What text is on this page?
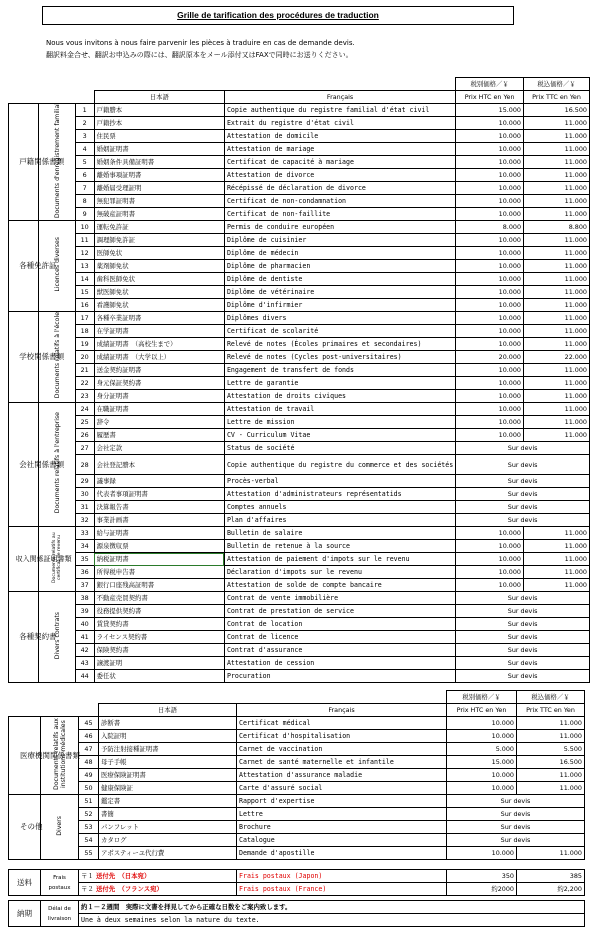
Grille de tarification des procédures de traduction
Nous vous invitons à nous faire parvenir les pièces à traduire en cas de demande devis.
翻訳料金合せ、翻訳お申込みの際には、翻訳原本をメール添付又はFAXで同時にお送りください。
					税別価格／￥	税込価格／￥
			日本語	Français	Prix HTC en Yen	Prix TTC en Yen
戸籍関係書類	Documents d'enregistrement familial	1	戸籍謄本	Copie authentique du registre familial d'état civil	15.000	16.500
		2	戸籍抄本	Extrait du registre d'état civil	10.000	11.000
		3	住民票	Attestation de domicile	10.000	11.000
		4	婚姻証明書	Attestation de mariage	10.000	11.000
		5	婚姻条件具備証明書	Certificat de capacité à mariage	10.000	11.000
		6	離婚事項証明書	Attestation de divorce	10.000	11.000
		7	離婚届受理証明	Récépissé de déclaration de divorce	10.000	11.000
		8	無犯罪証明書	Certificat de non-condamnation	10.000	11.000
		9	無破産証明書	Certificat de non-faillite	10.000	11.000
各種免許証	Licences diverses	10	運転免許証	Permis de conduire européen	8.000	8.800
		11	調理師免許証	Diplôme de cuisinier	10.000	11.000
		12	医師免状	Diplôme de médecin	10.000	11.000
		13	薬剤師免状	Diplôme de pharmacien	10.000	11.000
		14	歯科医師免状	Diplôme de dentiste	10.000	11.000
		15	獣医師免状	Diplôme de vétérinaire	10.000	11.000
		16	看護師免状	Diplôme d'infirmier	10.000	11.000
学校関係書類	Documents relatifs à l'école	17	各種卒業証明書	Diplômes divers	10.000	11.000
		18	在学証明書	Certificat de scolarité	10.000	11.000
		19	成績証明書　（高校生まで）	Relevé de notes (Écoles primaires et secondaires)	10.000	11.000
		20	成績証明書　（大学以上）	Relevé de notes (Cycles post-universitaires)	20.000	22.000
		21	送金契約証明書	Engagement de transfert de fonds	10.000	11.000
		22	身元保証契約書	Lettre de garantie	10.000	11.000
		23	身分証明書	Attestation de droits civiques	10.000	11.000
会社関係書類	Documents relatifs à l'entreprise	24	在職証明書	Attestation de travail	10.000	11.000
		25	辞令	Lettre de mission	10.000	11.000
		26	履歴書	CV - Curriculum Vitae	10.000	11.000
		27	会社定款	Status de société	Sur devis	
		28	会社登記謄本	Copie authentique du registre du commerce et des sociétés	Sur devis	
		29	議事録	Procès-verbal	Sur devis	
		30	代表者事項証明書	Attestation d'administrateurs représentatids	Sur devis	
		31	決算報告書	Comptes annuels	Sur devis	
		32	事業計画書	Plan d'affaires	Sur devis	
収入関係証明書類	Documents relatifs au certificat de revenu	33	給与証明書	Bulletin de salaire	10.000	11.000
		34	源泉徴収票	Bulletin de retenue à la source	10.000	11.000
		35	納税証明書	Attestation de paiement d'impots sur le revenu	10.000	11.000
		36	所得税申告書	Déclaration d'impots sur le revenu	10.000	11.000
		37	銀行口座残高証明書	Attestation de solde de compte bancaire	10.000	11.000
各種契約書	Divers contrats	38	不動産売買契約書	Contrat de vente immobilière	Sur devis	
		39	役務提供契約書	Contrat de prestation de service	Sur devis	
		40	賃貸契約書	Contrat de location	Sur devis	
		41	ライセンス契約書	Contrat de licence	Sur devis	
		42	保険契約書	Contrat d'assurance	Sur devis	
		43	譲渡証明	Attestation de cession	Sur devis	
		44	委任状	Procuration	Sur devis	
					税別価格／￥	税込価格／￥
			日本語	Français	Prix HTC en Yen	Prix TTC en Yen
医療機関関係書類	Documents relatifs aux institutions médicales	45	診断書	Certificat médical	10.000	11.000
		46	入院証明	Certificat d'hospitalisation	10.000	11.000
		47	予防注射接種証明書	Carnet de vaccination	5.000	5.500
		48	母子手帳	Carnet de santé maternelle et infantile	15.000	16.500
		49	医療保険証明書	Attestation d'assurance maladie	10.000	11.000
		50	健康保険証	Carte d'assuré social	10.000	11.000
その他	Divers	51	鑑定書	Rapport d'expertise	Sur devis	
		52	書簡	Lettre	Sur devis	
		53	パンフレット	Brochure	Sur devis	
		54	カタログ	Catalogue	Sur devis	
		55	アポスティーユ代行費	Demande d'apostille	10.000	11.000
送料	Frais postaux	〒１ 送付先　（日本宛）	Frais postaux (Japon)	350	385
		〒２ 送付先　（フランス宛）	Frais postaux (France)	約2000	約2,200

納期	Délai de livraison	約１－２週間　実際に文書を拝見してから正確な日数をご案内致します。			
		Une à deux semaines selon la nature du texte.			
